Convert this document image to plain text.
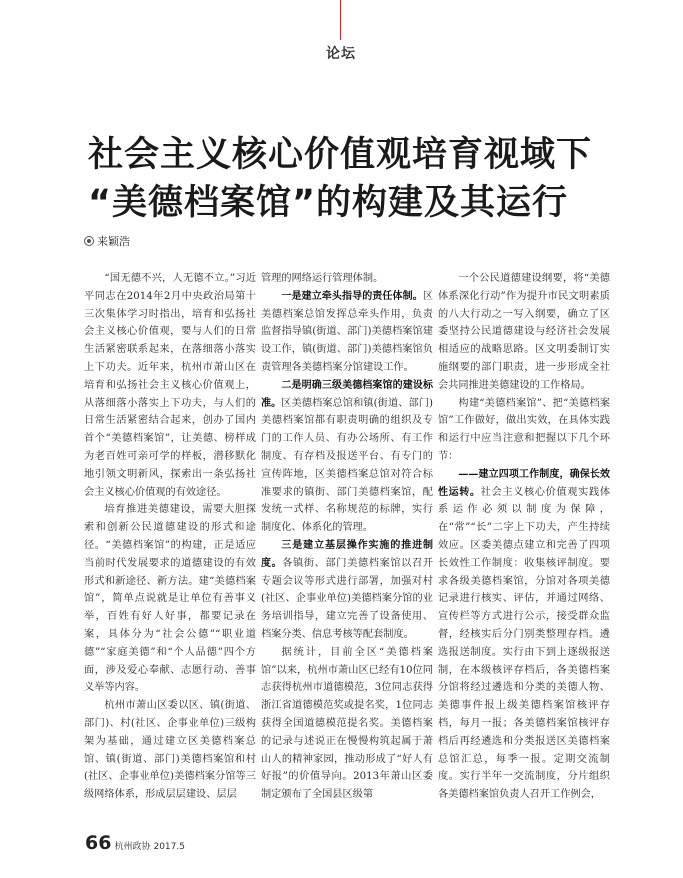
论坛
社会主义核心价值观培育视域下
“美德档案馆”的构建及其运行
来颖浩

“国无德不兴，人无德不立。”习近平同志在2014年2月中央政治局第十三次集体学习时指出，培育和弘扬社会主义核心价值观，要与人们的日常生活紧密联系起来，在落细落小落实上下功夫。近年来，杭州市萧山区在培育和弘扬社会主义核心价值观上，从落细落小落实上下功夫，与人们的日常生活紧密结合起来，创办了国内首个“美德档案馆”，让美德、榜样成为老百姓可亲可学的样板，潜移默化地引领文明新风，探索出一条弘扬社会主义核心价值观的有效途径。

培育推进美德建设，需要大胆探索和创新公民道德建设的形式和途径。“美德档案馆”的构建，正是适应当前时代发展要求的道德建设的有效形式和新途径、新方法。建“美德档案馆”，简单点说就是让单位有善事义举，百姓有好人好事，都要记录在案，具体分为“社会公德”“职业道德”“家庭美德”和“个人品德”四个方面，涉及爱心奉献、志愿行动、善事义举等内容。

杭州市萧山区委以区、镇(街道、部门)、村(社区、企事业单位)三级构架为基础，通过建立区美德档案总馆、镇(街道、部门)美德档案馆和村(社区、企事业单位)美德档案分馆等三级网络体系，形成层层建设、层层

管理的网络运行管理体制。

一是建立牵头指导的责任体制。区美德档案总馆发挥总牵头作用，负责监督指导镇(街道、部门)美德档案馆建设工作，镇(街道、部门)美德档案馆负责管理各美德档案分馆建设工作。

二是明确三级美德档案馆的建设标准。区美德档案总馆和镇(街道、部门)美德档案馆都有职责明确的组织及专门的工作人员、有办公场所、有工作制度、有存档及报送平台、有专门的宣传阵地，区美德档案总馆对符合标准要求的镇街、部门美德档案馆，配发统一式样、名称规范的标牌，实行制度化、体系化的管理。

三是建立基层操作实施的推进制度。各镇街、部门美德档案馆以召开专题会议等形式进行部署，加强对村(社区、企事业单位)美德档案分馆的业务培训指导，建立完善了设备使用、档案分类、信息考核等配套制度。

据统计，目前全区“美德档案馆”以来，杭州市萧山区已经有10位同志获得杭州市道德模范，3位同志获得浙江省道德模范奖或提名奖，1位同志获得全国道德模范提名奖。美德档案的记录与述说正在慢慢构筑起属于萧山人的精神家园，推动形成了“好人有好报”的价值导向。2013年萧山区委制定颁布了全国县区级第

一个公民道德建设纲要，将“美德体系深化行动”作为提升市民文明素质的八大行动之一写入纲要，确立了区委坚持公民道德建设与经济社会发展相适应的战略思路。区文明委制订实施纲要的部门职责，进一步形成全社会共同推进美德建设的工作格局。

构建“美德档案馆”、把“美德档案馆”工作做好，做出实效，在具体实践和运行中应当注意和把握以下几个环节：

——建立四项工作制度，确保长效性运转。社会主义核心价值观实践体系运作必须以制度为保障，在“常”“长”二字上下功夫，产生持续效应。区委美德点建立和完善了四项长效性工作制度：收集核评制度。要求各级美德档案馆，分馆对各项美德记录进行核实、评估，并通过网络、宣传栏等方式进行公示，接受群众监督，经核实后分门别类整理存档。遴选报送制度。实行由下到上逐级报送制，在本级核评存档后，各美德档案分馆将经过遴选和分类的美德人物、美德事件报上级美德档案馆核评存档，每月一报；各美德档案馆核评存档后再经遴选和分类报送区美德档案总馆汇总，每季一报。定期交流制度。实行半年一交流制度，分片组织各美德档案馆负责人召开工作例会，

66 杭州政协 2017.5
